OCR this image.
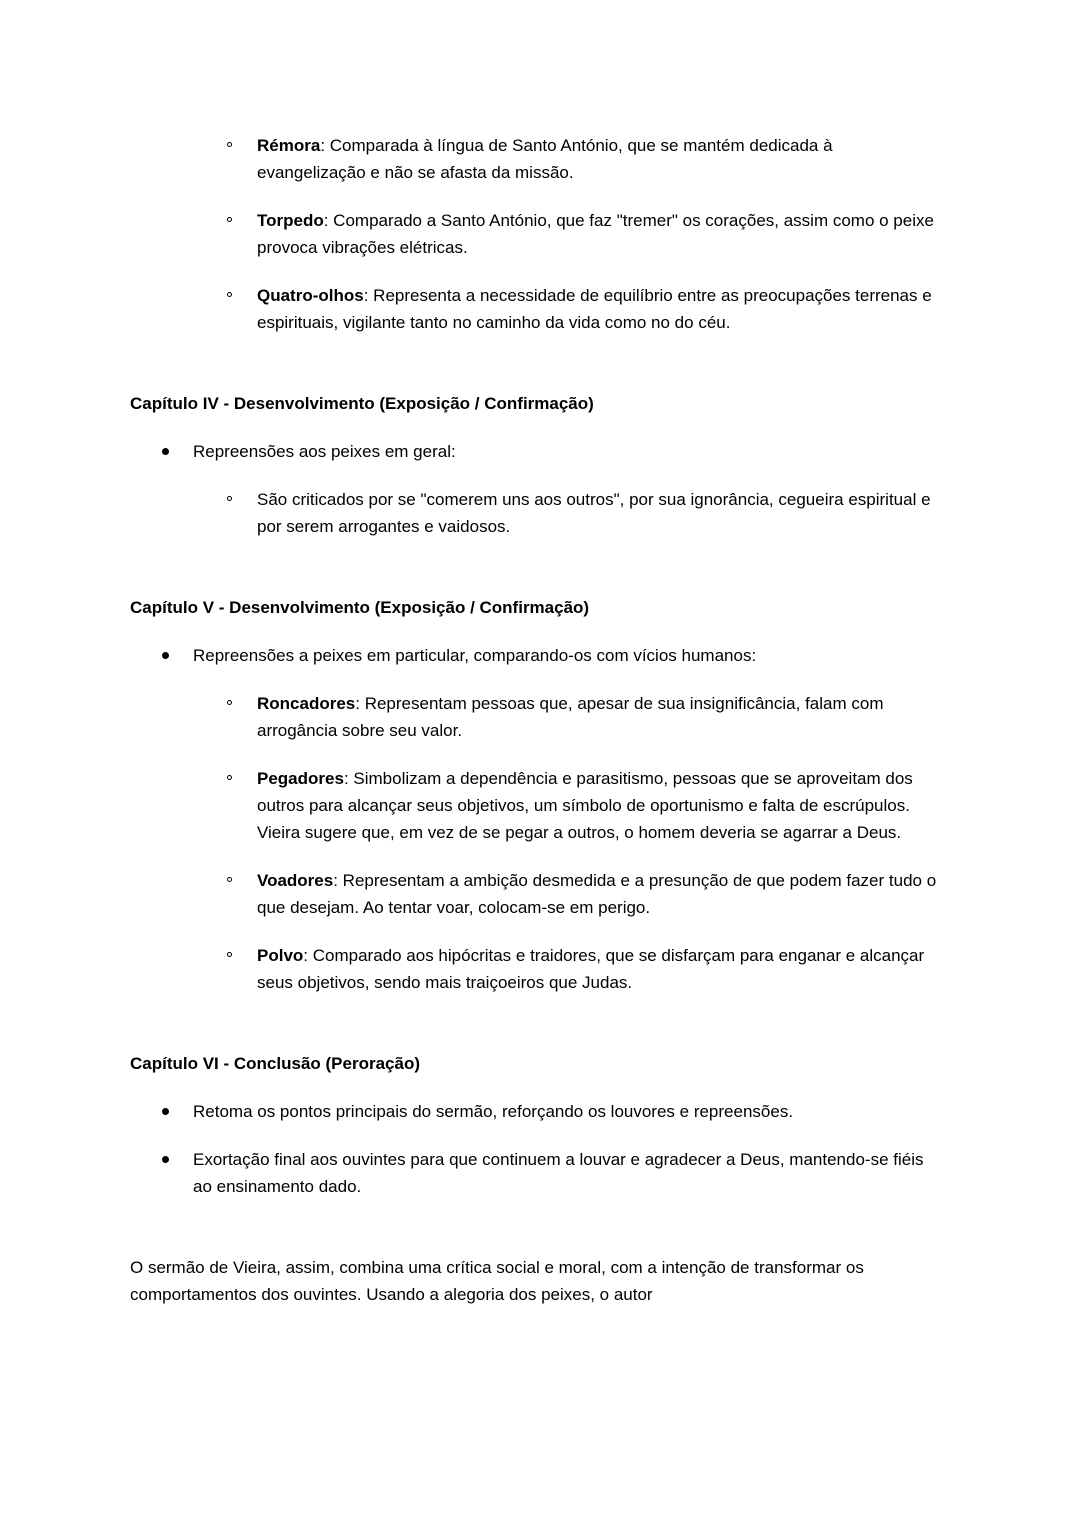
Rémora: Comparada à língua de Santo António, que se mantém dedicada à evangelização e não se afasta da missão.

Torpedo: Comparado a Santo António, que faz "tremer" os corações, assim como o peixe provoca vibrações elétricas.

Quatro-olhos: Representa a necessidade de equilíbrio entre as preocupações terrenas e espirituais, vigilante tanto no caminho da vida como no do céu.

Capítulo IV - Desenvolvimento (Exposição / Confirmação)

Repreensões aos peixes em geral:

São criticados por se "comerem uns aos outros", por sua ignorância, cegueira espiritual e por serem arrogantes e vaidosos.

Capítulo V - Desenvolvimento (Exposição / Confirmação)

Repreensões a peixes em particular, comparando-os com vícios humanos:

Roncadores: Representam pessoas que, apesar de sua insignificância, falam com arrogância sobre seu valor.

Pegadores: Simbolizam a dependência e parasitismo, pessoas que se aproveitam dos outros para alcançar seus objetivos, um símbolo de oportunismo e falta de escrúpulos. Vieira sugere que, em vez de se pegar a outros, o homem deveria se agarrar a Deus.

Voadores: Representam a ambição desmedida e a presunção de que podem fazer tudo o que desejam. Ao tentar voar, colocam-se em perigo.

Polvo: Comparado aos hipócritas e traidores, que se disfarçam para enganar e alcançar seus objetivos, sendo mais traiçoeiros que Judas.

Capítulo VI - Conclusão (Peroração)

Retoma os pontos principais do sermão, reforçando os louvores e repreensões.

Exortação final aos ouvintes para que continuem a louvar e agradecer a Deus, mantendo-se fiéis ao ensinamento dado.

O sermão de Vieira, assim, combina uma crítica social e moral, com a intenção de transformar os comportamentos dos ouvintes. Usando a alegoria dos peixes, o autor
